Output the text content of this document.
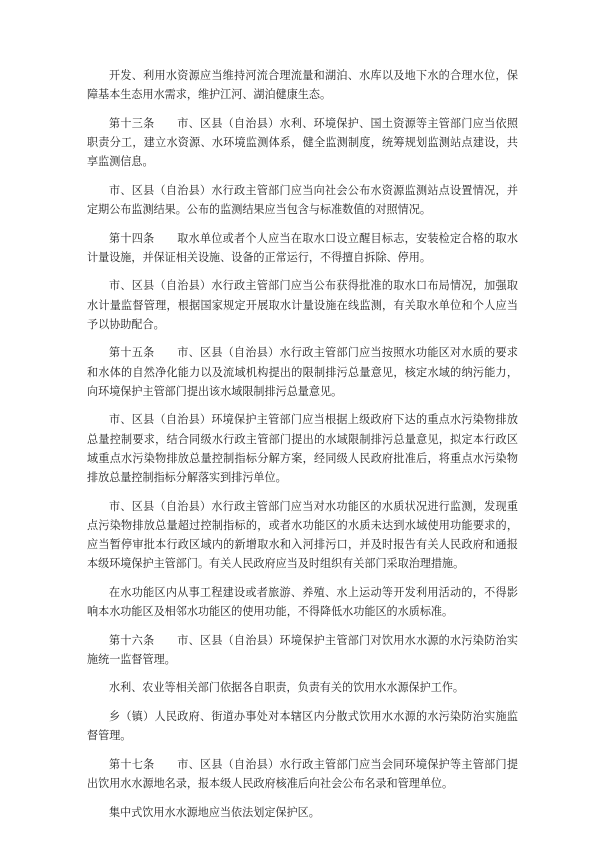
开发、利用水资源应当维持河流合理流量和湖泊、水库以及地下水的合理水位，保障基本生态用水需求，维护江河、湖泊健康生态。

第十三条　　市、区县（自治县）水利、环境保护、国土资源等主管部门应当依照职责分工，建立水资源、水环境监测体系，健全监测制度，统筹规划监测站点建设，共享监测信息。

市、区县（自治县）水行政主管部门应当向社会公布水资源监测站点设置情况，并定期公布监测结果。公布的监测结果应当包含与标准数值的对照情况。

第十四条　　取水单位或者个人应当在取水口设立醒目标志，安装检定合格的取水计量设施，并保证相关设施、设备的正常运行，不得擅自拆除、停用。

市、区县（自治县）水行政主管部门应当公布获得批准的取水口布局情况，加强取水计量监督管理，根据国家规定开展取水计量设施在线监测，有关取水单位和个人应当予以协助配合。

第十五条　　市、区县（自治县）水行政主管部门应当按照水功能区对水质的要求和水体的自然净化能力以及流域机构提出的限制排污总量意见，核定水域的纳污能力，向环境保护主管部门提出该水域限制排污总量意见。

市、区县（自治县）环境保护主管部门应当根据上级政府下达的重点水污染物排放总量控制要求，结合同级水行政主管部门提出的水域限制排污总量意见，拟定本行政区域重点水污染物排放总量控制指标分解方案，经同级人民政府批准后，将重点水污染物排放总量控制指标分解落实到排污单位。

市、区县（自治县）水行政主管部门应当对水功能区的水质状况进行监测，发现重点污染物排放总量超过控制指标的，或者水功能区的水质未达到水域使用功能要求的，应当暂停审批本行政区域内的新增取水和入河排污口，并及时报告有关人民政府和通报本级环境保护主管部门。有关人民政府应当及时组织有关部门采取治理措施。

在水功能区内从事工程建设或者旅游、养殖、水上运动等开发利用活动的，不得影响本水功能区及相邻水功能区的使用功能，不得降低水功能区的水质标准。

第十六条　　市、区县（自治县）环境保护主管部门对饮用水水源的水污染防治实施统一监督管理。

水利、农业等相关部门依据各自职责，负责有关的饮用水水源保护工作。

乡（镇）人民政府、街道办事处对本辖区内分散式饮用水水源的水污染防治实施监督管理。

第十七条　　市、区县（自治县）水行政主管部门应当会同环境保护等主管部门提出饮用水水源地名录，报本级人民政府核准后向社会公布名录和管理单位。

集中式饮用水水源地应当依法划定保护区。
